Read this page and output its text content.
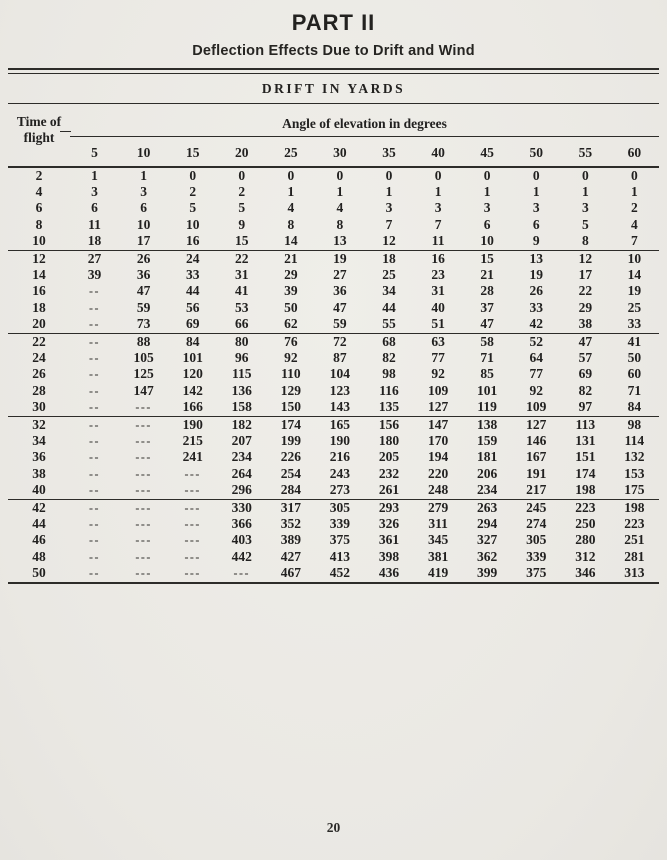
PART II
Deflection Effects Due to Drift and Wind
DRIFT IN YARDS
Time of
flight	Angle of elevation in degrees											
	5	10	15	20	25	30	35	40	45	50	55	60
2	1	1	0	0	0	0	0	0	0	0	0	0
4	3	3	2	2	1	1	1	1	1	1	1	1
6	6	6	5	5	4	4	3	3	3	3	3	2
8	11	10	10	9	8	8	7	7	6	6	5	4
10	18	17	16	15	14	13	12	11	10	9	8	7
12	27	26	24	22	21	19	18	16	15	13	12	10
14	39	36	33	31	29	27	25	23	21	19	17	14
16	--	47	44	41	39	36	34	31	28	26	22	19
18	--	59	56	53	50	47	44	40	37	33	29	25
20	--	73	69	66	62	59	55	51	47	42	38	33
22	--	88	84	80	76	72	68	63	58	52	47	41
24	--	105	101	96	92	87	82	77	71	64	57	50
26	--	125	120	115	110	104	98	92	85	77	69	60
28	--	147	142	136	129	123	116	109	101	92	82	71
30	--	---	166	158	150	143	135	127	119	109	97	84
32	--	---	190	182	174	165	156	147	138	127	113	98
34	--	---	215	207	199	190	180	170	159	146	131	114
36	--	---	241	234	226	216	205	194	181	167	151	132
38	--	---	---	264	254	243	232	220	206	191	174	153
40	--	---	---	296	284	273	261	248	234	217	198	175
42	--	---	---	330	317	305	293	279	263	245	223	198
44	--	---	---	366	352	339	326	311	294	274	250	223
46	--	---	---	403	389	375	361	345	327	305	280	251
48	--	---	---	442	427	413	398	381	362	339	312	281
50	--	---	---	---	467	452	436	419	399	375	346	313
20
